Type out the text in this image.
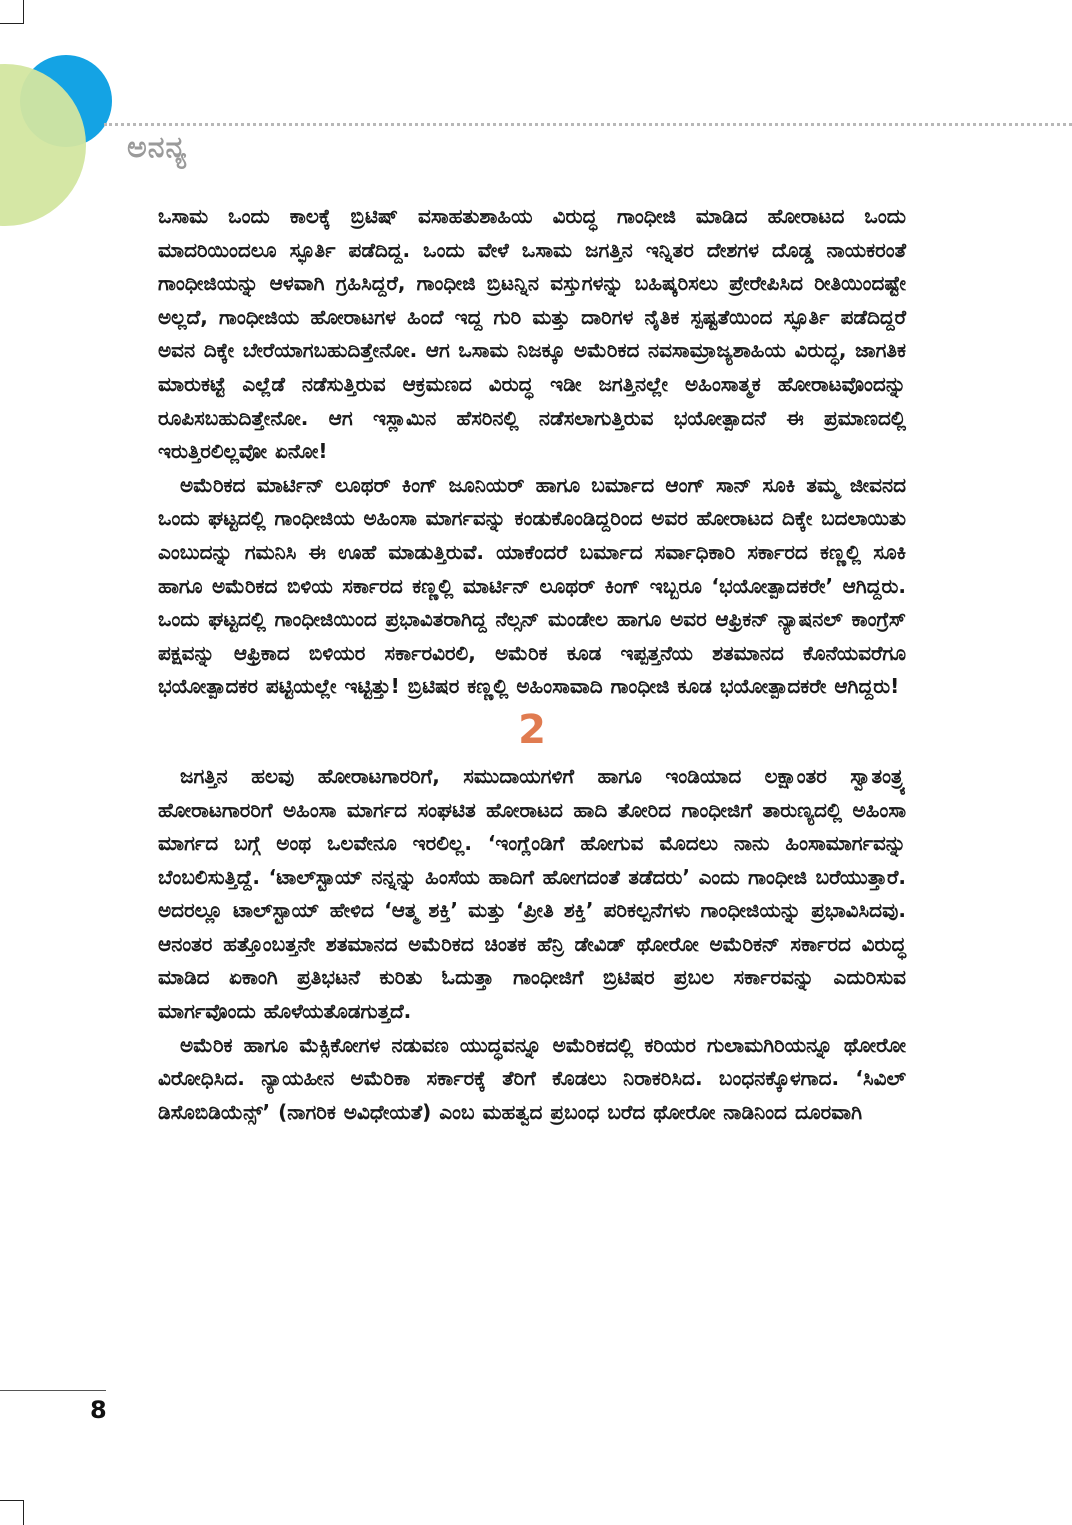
ಅನನ್ಯ

ಒಸಾಮ ಒಂದು ಕಾಲಕ್ಕೆ ಬ್ರಿಟಿಷ್ ವಸಾಹತುಶಾಹಿಯ ವಿರುದ್ಧ ಗಾಂಧೀಜಿ ಮಾಡಿದ ಹೋರಾಟದ ಒಂದು ಮಾದರಿಯಿಂದಲೂ ಸ್ಫೂರ್ತಿ ಪಡೆದಿದ್ದ. ಒಂದು ವೇಳೆ ಒಸಾಮ ಜಗತ್ತಿನ ಇನ್ನಿತರ ದೇಶಗಳ ದೊಡ್ಡ ನಾಯಕರಂತೆ ಗಾಂಧೀಜಿಯನ್ನು ಆಳವಾಗಿ ಗ್ರಹಿಸಿದ್ದರೆ, ಗಾಂಧೀಜಿ ಬ್ರಿಟನ್ನಿನ ವಸ್ತುಗಳನ್ನು ಬಹಿಷ್ಕರಿಸಲು ಪ್ರೇರೇಪಿಸಿದ ರೀತಿಯಿಂದಷ್ಟೇ ಅಲ್ಲದೆ, ಗಾಂಧೀಜಿಯ ಹೋರಾಟಗಳ ಹಿಂದೆ ಇದ್ದ ಗುರಿ ಮತ್ತು ದಾರಿಗಳ ನೈತಿಕ ಸ್ಪಷ್ಟತೆಯಿಂದ ಸ್ಫೂರ್ತಿ ಪಡೆದಿದ್ದರೆ ಅವನ ದಿಕ್ಕೇ ಬೇರೆಯಾಗಬಹುದಿತ್ತೇನೋ. ಆಗ ಒಸಾಮ ನಿಜಕ್ಕೂ ಅಮೆರಿಕದ ನವಸಾಮ್ರಾಜ್ಯಶಾಹಿಯ ವಿರುದ್ಧ, ಜಾಗತಿಕ ಮಾರುಕಟ್ಟೆ ಎಲ್ಲೆಡೆ ನಡೆಸುತ್ತಿರುವ ಆಕ್ರಮಣದ ವಿರುದ್ಧ ಇಡೀ ಜಗತ್ತಿನಲ್ಲೇ ಅಹಿಂಸಾತ್ಮಕ ಹೋರಾಟವೊಂದನ್ನು ರೂಪಿಸಬಹುದಿತ್ತೇನೋ. ಆಗ ಇಸ್ಲಾಮಿನ ಹೆಸರಿನಲ್ಲಿ ನಡೆಸಲಾಗುತ್ತಿರುವ ಭಯೋತ್ಪಾದನೆ ಈ ಪ್ರಮಾಣದಲ್ಲಿ ಇರುತ್ತಿರಲಿಲ್ಲವೋ ಏನೋ!

ಅಮೆರಿಕದ ಮಾರ್ಟಿನ್ ಲೂಥರ್ ಕಿಂಗ್ ಜೂನಿಯರ್ ಹಾಗೂ ಬರ್ಮಾದ ಆಂಗ್ ಸಾನ್ ಸೂಕಿ ತಮ್ಮ ಜೀವನದ ಒಂದು ಘಟ್ಟದಲ್ಲಿ ಗಾಂಧೀಜಿಯ ಅಹಿಂಸಾ ಮಾರ್ಗವನ್ನು ಕಂಡುಕೊಂಡಿದ್ದರಿಂದ ಅವರ ಹೋರಾಟದ ದಿಕ್ಕೇ ಬದಲಾಯಿತು ಎಂಬುದನ್ನು ಗಮನಿಸಿ ಈ ಊಹೆ ಮಾಡುತ್ತಿರುವೆ. ಯಾಕೆಂದರೆ ಬರ್ಮಾದ ಸರ್ವಾಧಿಕಾರಿ ಸರ್ಕಾರದ ಕಣ್ಣಲ್ಲಿ ಸೂಕಿ ಹಾಗೂ ಅಮೆರಿಕದ ಬಿಳಿಯ ಸರ್ಕಾರದ ಕಣ್ಣಲ್ಲಿ ಮಾರ್ಟಿನ್ ಲೂಥರ್ ಕಿಂಗ್ ಇಬ್ಬರೂ ‘ಭಯೋತ್ಪಾದಕರೇ’ ಆಗಿದ್ದರು. ಒಂದು ಘಟ್ಟದಲ್ಲಿ ಗಾಂಧೀಜಿಯಿಂದ ಪ್ರಭಾವಿತರಾಗಿದ್ದ ನೆಲ್ಸನ್ ಮಂಡೇಲ ಹಾಗೂ ಅವರ ಆಫ್ರಿಕನ್ ನ್ಯಾಷನಲ್ ಕಾಂಗ್ರೆಸ್ ಪಕ್ಷವನ್ನು ಆಫ್ರಿಕಾದ ಬಿಳಿಯರ ಸರ್ಕಾರವಿರಲಿ, ಅಮೆರಿಕ ಕೂಡ ಇಪ್ಪತ್ತನೆಯ ಶತಮಾನದ ಕೊನೆಯವರೆಗೂ ಭಯೋತ್ಪಾದಕರ ಪಟ್ಟಿಯಲ್ಲೇ ಇಟ್ಟಿತ್ತು! ಬ್ರಿಟಿಷರ ಕಣ್ಣಲ್ಲಿ ಅಹಿಂಸಾವಾದಿ ಗಾಂಧೀಜಿ ಕೂಡ ಭಯೋತ್ಪಾದಕರೇ ಆಗಿದ್ದರು!

2

ಜಗತ್ತಿನ ಹಲವು ಹೋರಾಟಗಾರರಿಗೆ, ಸಮುದಾಯಗಳಿಗೆ ಹಾಗೂ ಇಂಡಿಯಾದ ಲಕ್ಷಾಂತರ ಸ್ವಾತಂತ್ರ್ಯ ಹೋರಾಟಗಾರರಿಗೆ ಅಹಿಂಸಾ ಮಾರ್ಗದ ಸಂಘಟಿತ ಹೋರಾಟದ ಹಾದಿ ತೋರಿದ ಗಾಂಧೀಜಿಗೆ ತಾರುಣ್ಯದಲ್ಲಿ ಅಹಿಂಸಾ ಮಾರ್ಗದ ಬಗ್ಗೆ ಅಂಥ ಒಲವೇನೂ ಇರಲಿಲ್ಲ. ‘ಇಂಗ್ಲೆಂಡಿಗೆ ಹೋಗುವ ಮೊದಲು ನಾನು ಹಿಂಸಾಮಾರ್ಗವನ್ನು ಬೆಂಬಲಿಸುತ್ತಿದ್ದೆ. ‘ಟಾಲ್‌ಸ್ಟಾಯ್ ನನ್ನನ್ನು ಹಿಂಸೆಯ ಹಾದಿಗೆ ಹೋಗದಂತೆ ತಡೆದರು’ ಎಂದು ಗಾಂಧೀಜಿ ಬರೆಯುತ್ತಾರೆ. ಅದರಲ್ಲೂ ಟಾಲ್‌ಸ್ಟಾಯ್ ಹೇಳಿದ ‘ಆತ್ಮ ಶಕ್ತಿ’ ಮತ್ತು ‘ಪ್ರೀತಿ ಶಕ್ತಿ’ ಪರಿಕಲ್ಪನೆಗಳು ಗಾಂಧೀಜಿಯನ್ನು ಪ್ರಭಾವಿಸಿದವು. ಆನಂತರ ಹತ್ತೊಂಬತ್ತನೇ ಶತಮಾನದ ಅಮೆರಿಕದ ಚಿಂತಕ ಹೆನ್ರಿ ಡೇವಿಡ್ ಥೋರೋ ಅಮೆರಿಕನ್ ಸರ್ಕಾರದ ವಿರುದ್ಧ ಮಾಡಿದ ಏಕಾಂಗಿ ಪ್ರತಿಭಟನೆ ಕುರಿತು ಓದುತ್ತಾ ಗಾಂಧೀಜಿಗೆ ಬ್ರಿಟಿಷರ ಪ್ರಬಲ ಸರ್ಕಾರವನ್ನು ಎದುರಿಸುವ ಮಾರ್ಗವೊಂದು ಹೊಳೆಯತೊಡಗುತ್ತದೆ.

ಅಮೆರಿಕ ಹಾಗೂ ಮೆಕ್ಸಿಕೋಗಳ ನಡುವಣ ಯುದ್ಧವನ್ನೂ ಅಮೆರಿಕದಲ್ಲಿ ಕರಿಯರ ಗುಲಾಮಗಿರಿಯನ್ನೂ ಥೋರೋ ವಿರೋಧಿಸಿದ. ನ್ಯಾಯಹೀನ ಅಮೆರಿಕಾ ಸರ್ಕಾರಕ್ಕೆ ತೆರಿಗೆ ಕೊಡಲು ನಿರಾಕರಿಸಿದ. ಬಂಧನಕ್ಕೊಳಗಾದ. ‘ಸಿವಿಲ್ ಡಿಸೊಬಿಡಿಯೆನ್ಸ್’ (ನಾಗರಿಕ ಅವಿಧೇಯತೆ) ಎಂಬ ಮಹತ್ವದ ಪ್ರಬಂಧ ಬರೆದ ಥೋರೋ ನಾಡಿನಿಂದ ದೂರವಾಗಿ

8
